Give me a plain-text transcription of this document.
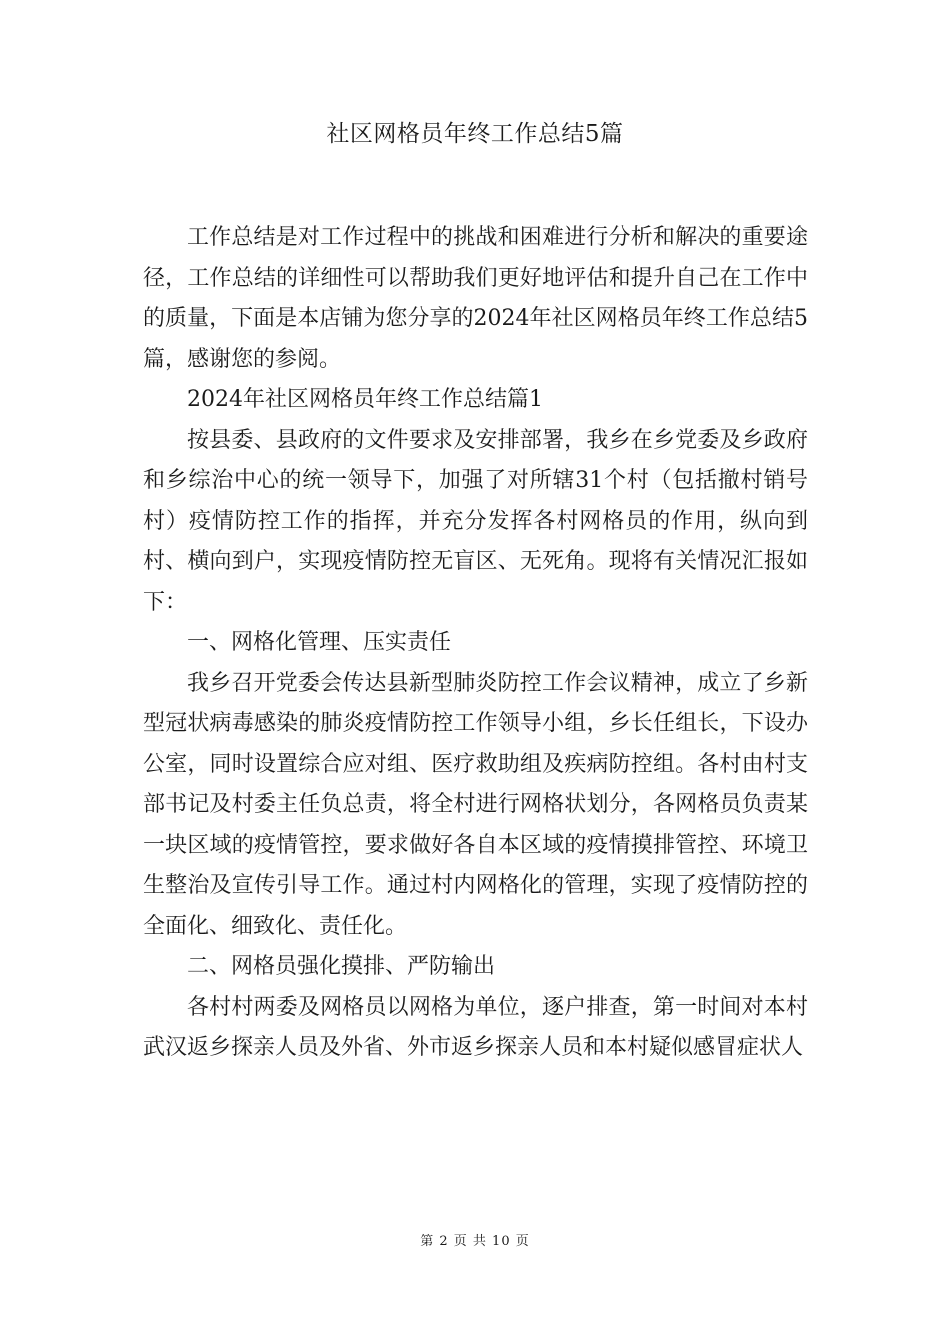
社区网格员年终工作总结5篇

工作总结是对工作过程中的挑战和困难进行分析和解决的重要途径，工作总结的详细性可以帮助我们更好地评估和提升自己在工作中的质量，下面是本店铺为您分享的2024年社区网格员年终工作总结5篇，感谢您的参阅。

2024年社区网格员年终工作总结篇1

按县委、县政府的文件要求及安排部署，我乡在乡党委及乡政府和乡综治中心的统一领导下，加强了对所辖31个村（包括撤村销号村）疫情防控工作的指挥，并充分发挥各村网格员的作用，纵向到村、横向到户，实现疫情防控无盲区、无死角。现将有关情况汇报如下：

一、网格化管理、压实责任

我乡召开党委会传达县新型肺炎防控工作会议精神，成立了乡新型冠状病毒感染的肺炎疫情防控工作领导小组，乡长任组长，下设办公室，同时设置综合应对组、医疗救助组及疾病防控组。各村由村支部书记及村委主任负总责，将全村进行网格状划分，各网格员负责某一块区域的疫情管控，要求做好各自本区域的疫情摸排管控、环境卫生整治及宣传引导工作。通过村内网格化的管理，实现了疫情防控的全面化、细致化、责任化。

二、网格员强化摸排、严防输出

各村村两委及网格员以网格为单位，逐户排查，第一时间对本村武汉返乡探亲人员及外省、外市返乡探亲人员和本村疑似感冒症状人

第 2 页 共 10 页
